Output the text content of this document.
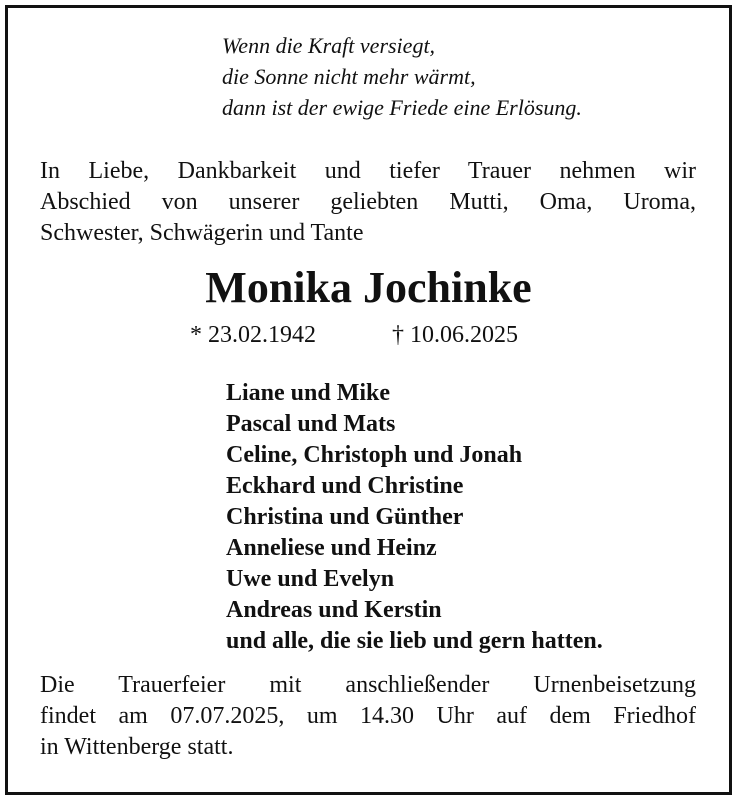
Wenn die Kraft versiegt,
die Sonne nicht mehr wärmt,
dann ist der ewige Friede eine Erlösung.
In Liebe, Dankbarkeit und tiefer Trauer nehmen wir
Abschied von unserer geliebten Mutti, Oma, Uroma,
Schwester, Schwägerin und Tante
Monika Jochinke
* 23.02.1942	† 10.06.2025
Liane und Mike
Pascal und Mats
Celine, Christoph und Jonah
Eckhard und Christine
Christina und Günther
Anneliese und Heinz
Uwe und Evelyn
Andreas und Kerstin
und alle, die sie lieb und gern hatten.
Die Trauerfeier mit anschließender Urnenbeisetzung
findet am 07.07.2025, um 14.30 Uhr auf dem Friedhof
in Wittenberge statt.
